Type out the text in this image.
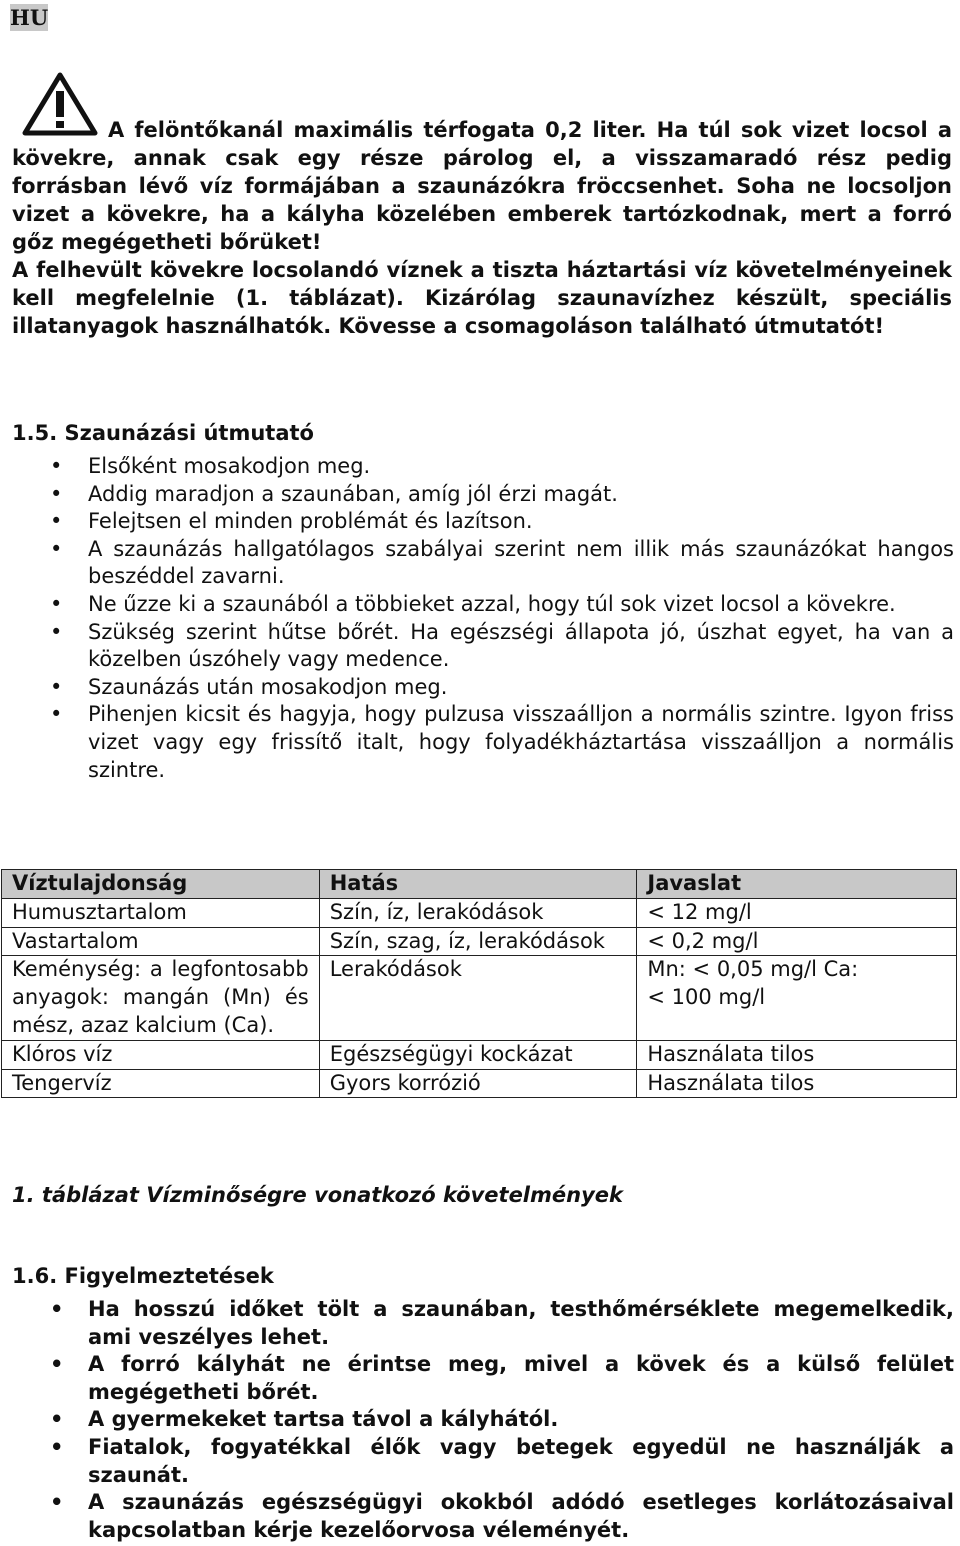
HU

A felöntőkanál maximális térfogata 0,2 liter. Ha túl sok vizet locsol a kövekre, annak csak egy része párolog el, a visszamaradó rész pedig forrásban lévő víz formájában a szaunázókra fröccsenhet. Soha ne locsoljon vizet a kövekre, ha a kályha közelében emberek tartózkodnak, mert a forró gőz megégetheti bőrüket!

A felhevült kövekre locsolandó víznek a tiszta háztartási víz követelményeinek kell megfelelnie (1. táblázat). Kizárólag szaunavízhez készült, speciális illatanyagok használhatók. Kövesse a csomagoláson található útmutatót!

1.5. Szaunázási útmutató
• Elsőként mosakodjon meg.
• Addig maradjon a szaunában, amíg jól érzi magát.
• Felejtsen el minden problémát és lazítson.
• A szaunázás hallgatólagos szabályai szerint nem illik más szaunázókat hangos beszéddel zavarni.
• Ne űzze ki a szaunából a többieket azzal, hogy túl sok vizet locsol a kövekre.
• Szükség szerint hűtse bőrét. Ha egészségi állapota jó, úszhat egyet, ha van a közelben úszóhely vagy medence.
• Szaunázás után mosakodjon meg.
• Pihenjen kicsit és hagyja, hogy pulzusa visszaálljon a normális szintre. Igyon friss vizet vagy egy frissítő italt, hogy folyadékháztartása visszaálljon a normális szintre.
Víztulajdonság	Hatás	Javaslat
Humusztartalom	Szín, íz, lerakódások	< 12 mg/l
Vastartalom	Szín, szag, íz, lerakódások	< 0,2 mg/l
Keménység: a legfontosabb anyagok: mangán (Mn) és mész, azaz kalcium (Ca).	Lerakódások	Mn: < 0,05 mg/l Ca: < 100 mg/l
Klóros víz	Egészségügyi kockázat	Használata tilos
Tengervíz	Gyors korrózió	Használata tilos
1. táblázat Vízminőségre vonatkozó követelmények
1.6. Figyelmeztetések
• Ha hosszú időket tölt a szaunában, testhőmérséklete megemelkedik, ami veszélyes lehet.
• A forró kályhát ne érintse meg, mivel a kövek és a külső felület megégetheti bőrét.
• A gyermekeket tartsa távol a kályhától.
• Fiatalok, fogyatékkal élők vagy betegek egyedül ne használják a szaunát.
• A szaunázás egészségügyi okokból adódó esetleges korlátozásaival kapcsolatban kérje kezelőorvosa véleményét.
